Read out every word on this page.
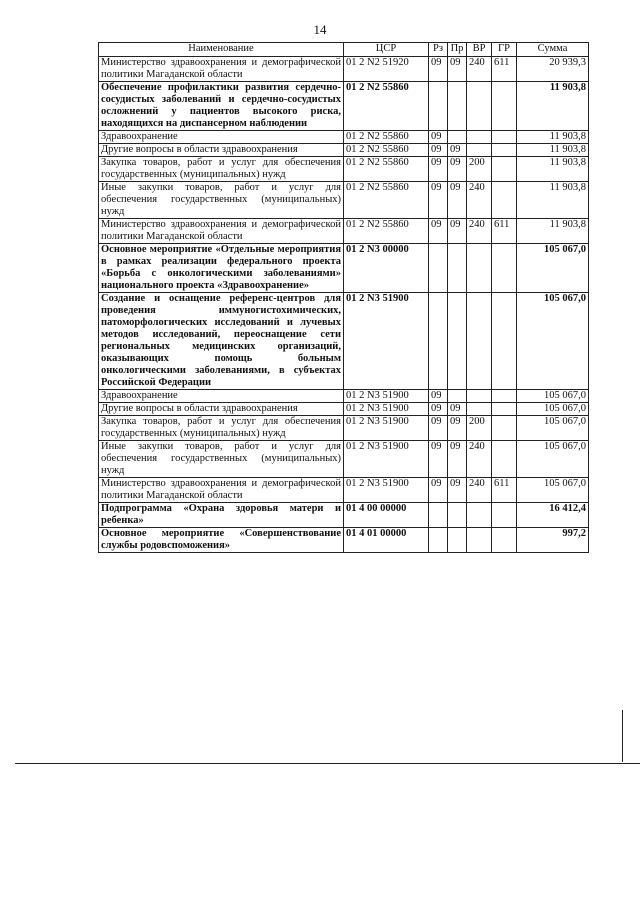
14
Наименование	ЦСР	Рз	Пр	ВР	ГР	Сумма
Министерство здравоохранения и демографической политики Магаданской области	01 2 N2 51920	09	09	240	611	20 939,3
Обеспечение профилактики развития сердечно-сосудистых заболеваний и сердечно-сосудистых осложнений у пациентов высокого риска, находящихся на диспансерном наблюдении	01 2 N2 55860					11 903,8
Здравоохранение	01 2 N2 55860	09				11 903,8
Другие вопросы в области здравоохранения	01 2 N2 55860	09	09			11 903,8
Закупка товаров, работ и услуг для обеспечения государственных (муниципальных) нужд	01 2 N2 55860	09	09	200		11 903,8
Иные закупки товаров, работ и услуг для обеспечения государственных (муниципальных) нужд	01 2 N2 55860	09	09	240		11 903,8
Министерство здравоохранения и демографической политики Магаданской области	01 2 N2 55860	09	09	240	611	11 903,8
Основное мероприятие «Отдельные мероприятия в рамках реализации федерального проекта «Борьба с онкологическими заболеваниями» национального проекта «Здравоохранение»	01 2 N3 00000					105 067,0
Создание и оснащение референс-центров для проведения иммуногистохимических, патоморфологических исследований и лучевых методов исследований, переоснащение сети региональных медицинских организаций, оказывающих помощь больным онкологическими заболеваниями, в субъектах Российской Федерации	01 2 N3 51900					105 067,0
Здравоохранение	01 2 N3 51900	09				105 067,0
Другие вопросы в области здравоохранения	01 2 N3 51900	09	09			105 067,0
Закупка товаров, работ и услуг для обеспечения государственных (муниципальных) нужд	01 2 N3 51900	09	09	200		105 067,0
Иные закупки товаров, работ и услуг для обеспечения государственных (муниципальных) нужд	01 2 N3 51900	09	09	240		105 067,0
Министерство здравоохранения и демографической политики Магаданской области	01 2 N3 51900	09	09	240	611	105 067,0
Подпрограмма «Охрана здоровья матери и ребенка»	01 4 00 00000					16 412,4
Основное мероприятие «Совершенствование службы родовспоможения»	01 4 01 00000					997,2
